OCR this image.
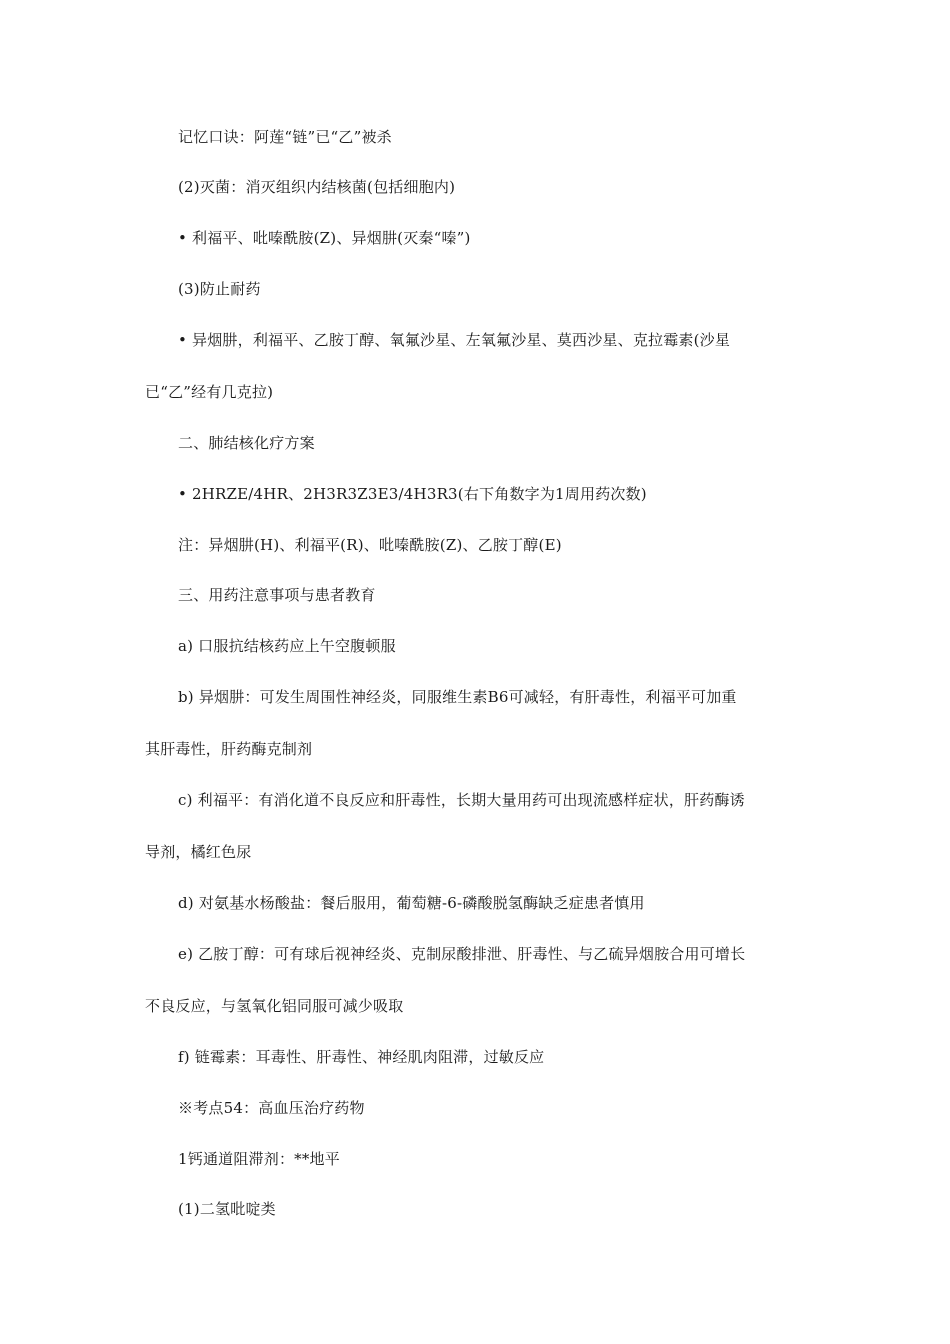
记忆口诀：阿莲“链”已“乙”被杀
(2)灭菌：消灭组织内结核菌(包括细胞内)
• 利福平、吡嗪酰胺(Z)、异烟肼(灭秦“嗪”)
(3)防止耐药
• 异烟肼，利福平、乙胺丁醇、氧氟沙星、左氧氟沙星、莫西沙星、克拉霉素(沙星
已“乙”经有几克拉)
二、肺结核化疗方案
• 2HRZE/4HR、2H3R3Z3E3/4H3R3(右下角数字为1周用药次数)
注：异烟肼(H)、利福平(R)、吡嗪酰胺(Z)、乙胺丁醇(E)
三、用药注意事项与患者教育
a) 口服抗结核药应上午空腹顿服
b) 异烟肼：可发生周围性神经炎，同服维生素B6可减轻，有肝毒性，利福平可加重
其肝毒性，肝药酶克制剂
c) 利福平：有消化道不良反应和肝毒性，长期大量用药可出现流感样症状，肝药酶诱
导剂，橘红色尿
d) 对氨基水杨酸盐：餐后服用，葡萄糖-6-磷酸脱氢酶缺乏症患者慎用
e) 乙胺丁醇：可有球后视神经炎、克制尿酸排泄、肝毒性、与乙硫异烟胺合用可增长
不良反应，与氢氧化铝同服可减少吸取
f) 链霉素：耳毒性、肝毒性、神经肌肉阻滞，过敏反应
※考点54：高血压治疗药物
1钙通道阻滞剂：**地平
(1)二氢吡啶类
